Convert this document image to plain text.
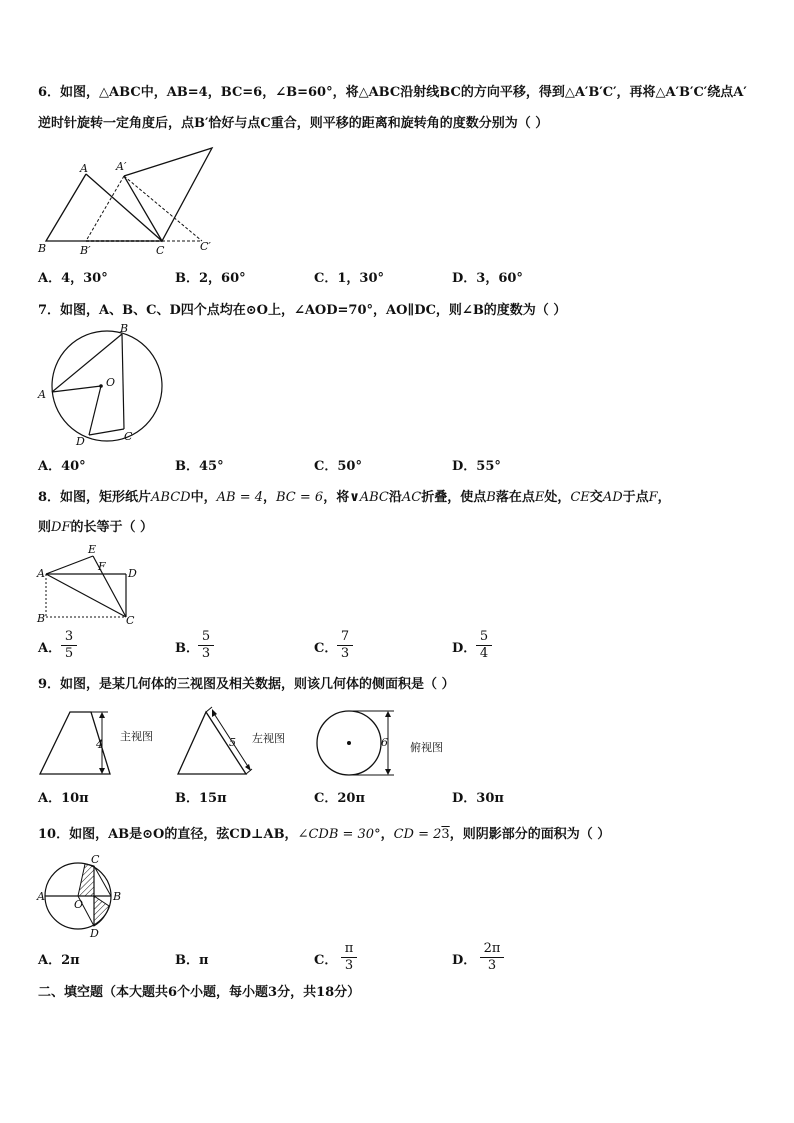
6．如图，△ABC中，AB=4，BC=6，∠B=60°，将△ABC沿射线BC的方向平移，得到△A′B′C′，再将△A′B′C′绕点A′
逆时针旋转一定角度后，点B′恰好与点C重合，则平移的距离和旋转角的度数分别为（ ）
A	A′
B	B′	C	C′
A．4，30°	B．2，60°	C．1，30°	D．3，60°
7．如图，A、B、C、D四个点均在⊙O上，∠AOD=70°，AO∥DC，则∠B的度数为（ ）
A
B
C
D
O
A．40°	B．45°	C．50°	D．55°
8．如图，矩形纸片ABCD中，AB = 4，BC = 6，将∨ABC沿AC折叠，使点B落在点E处，CE交AD于点F，
则DF的长等于（ ）
A
B	C
D
E
F
A． $\frac{3}{5}$	B． $\frac{5}{3}$	C． $\frac{7}{3}$	D． $\frac{5}{4}$
9．如图，是某几何体的三视图及相关数据，则该几何体的侧面积是（ ）
4
主视图	5 左视图	6 俯视图
A．10π	B．15π	C．20π	D．30π
10．如图，AB是⊙O的直径，弦CD⊥AB，∠CDB = 30°，CD = 23，则阴影部分的面积为（ ）
A	B
C
D
O
A．2π	B．π	C． $\frac{\pi}{3}$	D． $\frac{2\pi}{3}$
二、填空题（本大题共6个小题，每小题3分，共18分）
